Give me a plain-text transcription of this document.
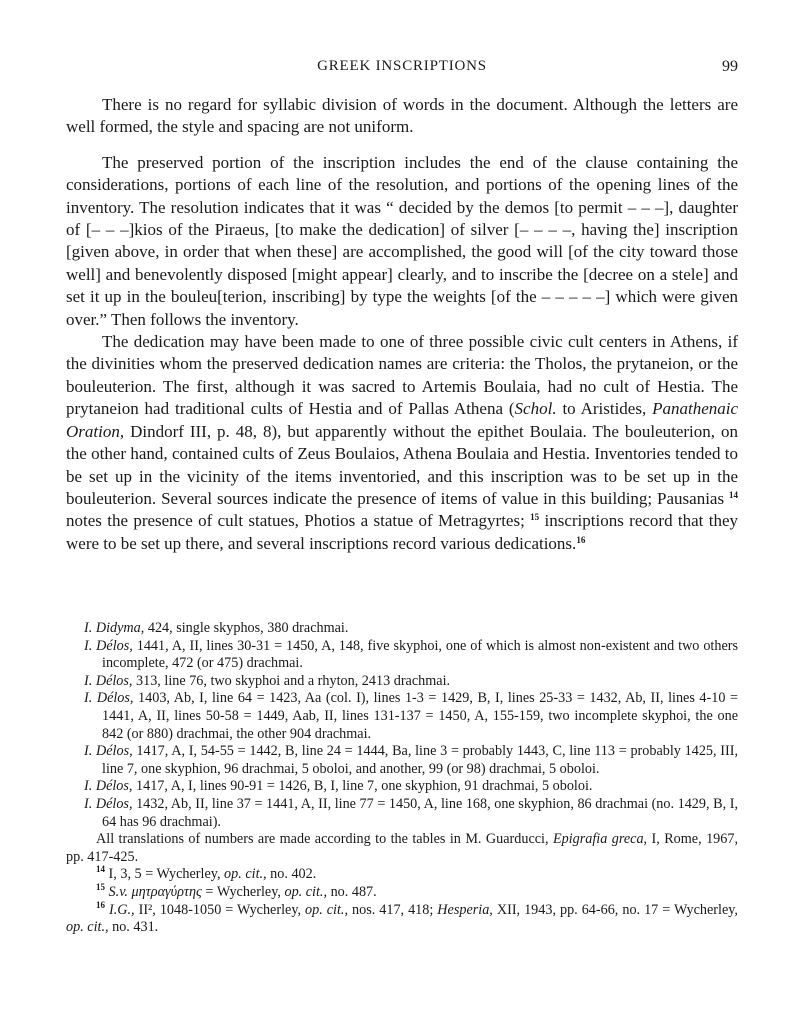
GREEK INSCRIPTIONS	99

There is no regard for syllabic division of words in the document. Although the letters are well formed, the style and spacing are not uniform.

The preserved portion of the inscription includes the end of the clause containing the considerations, portions of each line of the resolution, and portions of the opening lines of the inventory. The resolution indicates that it was “ decided by the demos [to permit – – –], daughter of [– – –]kios of the Piraeus, [to make the dedication] of silver [– – – –, having the] inscription [given above, in order that when these] are accomplished, the good will [of the city toward those well] and benevolently disposed [might appear] clearly, and to inscribe the [decree on a stele] and set it up in the bouleu[terion, inscribing] by type the weights [of the – – – – –] which were given over.” Then follows the inventory.

The dedication may have been made to one of three possible civic cult centers in Athens, if the divinities whom the preserved dedication names are criteria: the Tholos, the prytaneion, or the bouleuterion. The first, although it was sacred to Artemis Boulaia, had no cult of Hestia. The prytaneion had traditional cults of Hestia and of Pallas Athena (Schol. to Aristides, Panathenaic Oration, Dindorf III, p. 48, 8), but apparently without the epithet Boulaia. The bouleuterion, on the other hand, contained cults of Zeus Boulaios, Athena Boulaia and Hestia. Inventories tended to be set up in the vicinity of the items inventoried, and this inscription was to be set up in the bouleuterion. Several sources indicate the presence of items of value in this building; Pausanias $^{14}$ notes the presence of cult statues, Photios a statue of Metragyrtes; $^{15}$ inscriptions record that they were to be set up there, and several inscriptions record various dedications.$^{16}$

I. Didyma, 424, single skyphos, 380 drachmai.
I. Délos, 1441, A, II, lines 30-31 = 1450, A, 148, five skyphoi, one of which is almost non-existent and two others incomplete, 472 (or 475) drachmai.
I. Délos, 313, line 76, two skyphoi and a rhyton, 2413 drachmai.
I. Délos, 1403, Ab, I, line 64 = 1423, Aa (col. I), lines 1-3 = 1429, B, I, lines 25-33 = 1432, Ab, II, lines 4-10 = 1441, A, II, lines 50-58 = 1449, Aab, II, lines 131-137 = 1450, A, 155-159, two incomplete skyphoi, the one 842 (or 880) drachmai, the other 904 drachmai.
I. Délos, 1417, A, I, 54-55 = 1442, B, line 24 = 1444, Ba, line 3 = probably 1443, C, line 113 = probably 1425, III, line 7, one skyphion, 96 drachmai, 5 oboloi, and another, 99 (or 98) drachmai, 5 oboloi.
I. Délos, 1417, A, I, lines 90-91 = 1426, B, I, line 7, one skyphion, 91 drachmai, 5 oboloi.
I. Délos, 1432, Ab, II, line 37 = 1441, A, II, line 77 = 1450, A, line 168, one skyphion, 86 drachmai (no. 1429, B, I, 64 has 96 drachmai).
All translations of numbers are made according to the tables in M. Guarducci, Epigrafia greca, I, Rome, 1967, pp. 417-425.
$^{14}$ I, 3, 5 = Wycherley, op. cit., no. 402.
$^{15}$ S.v. μητραγύρτης = Wycherley, op. cit., no. 487.
$^{16}$ I.G., II², 1048-1050 = Wycherley, op. cit., nos. 417, 418; Hesperia, XII, 1943, pp. 64-66, no. 17 = Wycherley, op. cit., no. 431.
